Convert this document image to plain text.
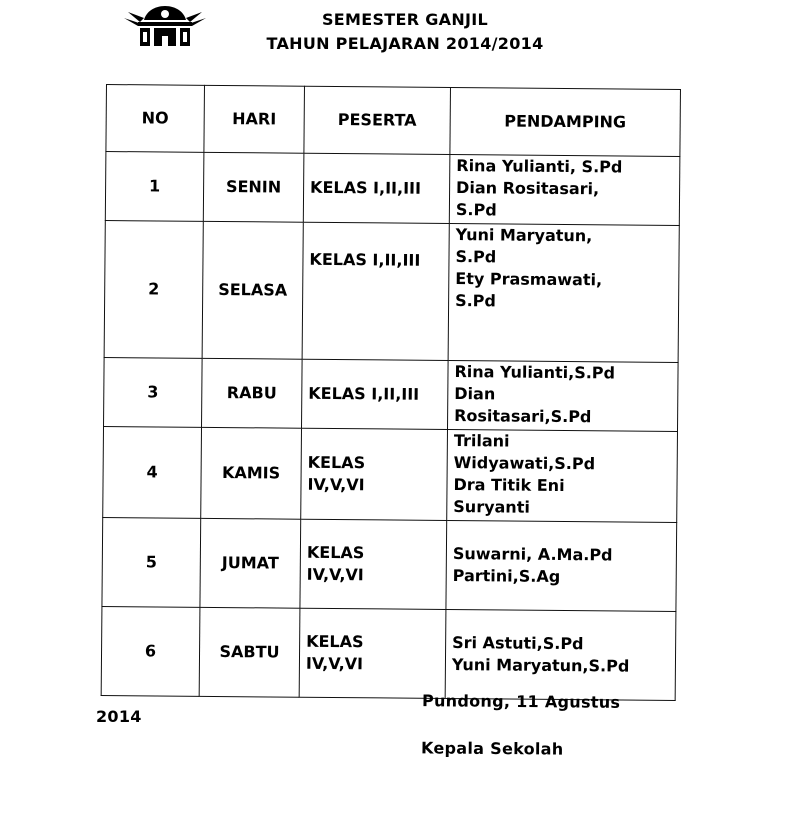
SEMESTER GANJIL
TAHUN PELAJARAN 2014/2014
NO	HARI	PESERTA	PENDAMPING
1	SENIN	KELAS I,II,III	Rina Yulianti, S.Pd
Dian Rositasari,
S.Pd

2	SELASA	KELAS I,II,III	Yuni Maryatun,
S.Pd
Ety Prasmawati,
S.Pd

3	RABU	KELAS I,II,III	Rina Yulianti,S.Pd
Dian
Rositasari,S.Pd

4	KAMIS	KELAS
IV,V,VI	Trilani
Widyawati,S.Pd
Dra Titik Eni
Suryanti

5	JUMAT	KELAS
IV,V,VI	Suwarni, A.Ma.Pd
Partini,S.Ag

6	SABTU	KELAS
IV,V,VI	Sri Astuti,S.Pd
Yuni Maryatun,S.Pd
Pundong, 11 Agustus
2014
Kepala Sekolah
